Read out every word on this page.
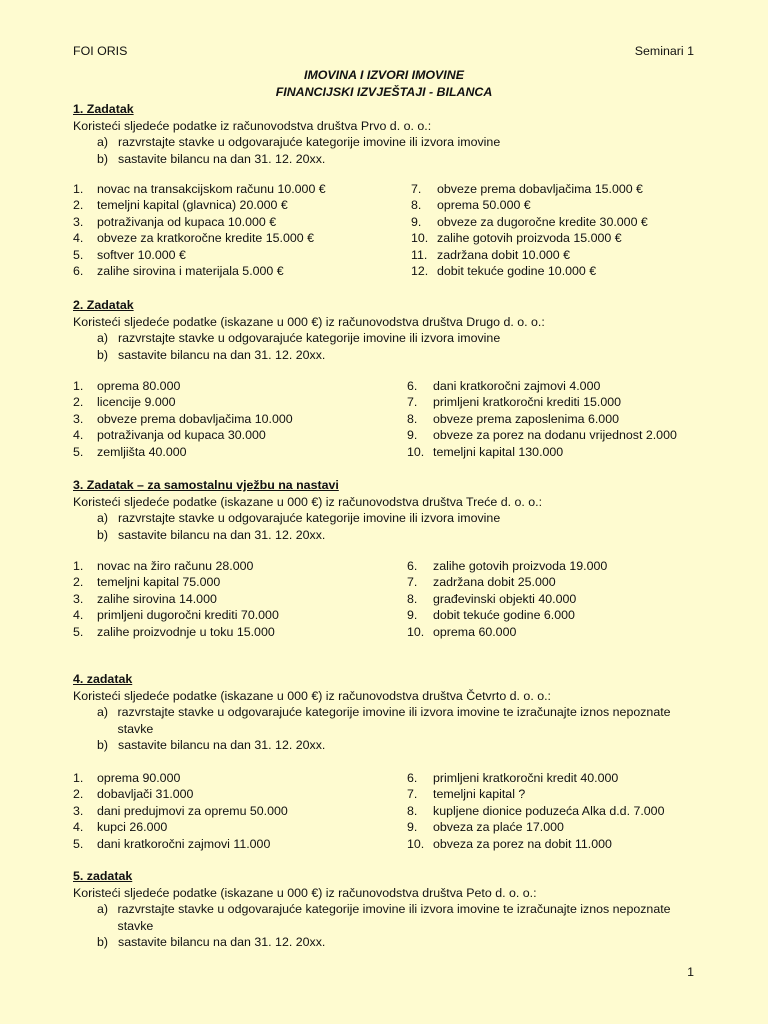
FOI ORIS	Seminari 1
IMOVINA I IZVORI IMOVINE
FINANCIJSKI IZVJEŠTAJI - BILANCA
1. Zadatak
Koristeći sljedeće podatke iz računovodstva društva Prvo d. o. o.:
a) razvrstajte stavke u odgovarajuće kategorije imovine ili izvora imovine
b) sastavite bilancu na dan 31. 12. 20xx.
1.	novac na transakcijskom računu 10.000 €
2.	temeljni kapital (glavnica) 20.000 €
3.	potraživanja od kupaca 10.000 €
4.	obveze za kratkoročne kredite 15.000 €
5.	softver 10.000 €
6.	zalihe sirovina i materijala 5.000 €
7.	obveze prema dobavljačima 15.000 €
8.	oprema 50.000 €
9.	obveze za dugoročne kredite 30.000 €
10. zalihe gotovih proizvoda 15.000 €
11. zadržana dobit 10.000 €
12. dobit tekuće godine 10.000 €
2. Zadatak
Koristeći sljedeće podatke (iskazane u 000 €) iz računovodstva društva Drugo d. o. o.:
a) razvrstajte stavke u odgovarajuće kategorije imovine ili izvora imovine
b) sastavite bilancu na dan 31. 12. 20xx.
1.	oprema 80.000
2.	licencije 9.000
3.	obveze prema dobavljačima 10.000
4.	potraživanja od kupaca 30.000
5.	zemljišta 40.000
6.	dani kratkoročni zajmovi 4.000
7.	primljeni kratkoročni krediti 15.000
8.	obveze prema zaposlenima 6.000
9.	obveze za porez na dodanu vrijednost 2.000
10. temeljni kapital 130.000
3. Zadatak – za samostalnu vježbu na nastavi
Koristeći sljedeće podatke (iskazane u 000 €) iz računovodstva društva Treće d. o. o.:
a) razvrstajte stavke u odgovarajuće kategorije imovine ili izvora imovine
b) sastavite bilancu na dan 31. 12. 20xx.
1.	novac na žiro računu 28.000
2.	temeljni kapital 75.000
3.	zalihe sirovina 14.000
4.	primljeni dugoročni krediti 70.000
5.	zalihe proizvodnje u toku 15.000
6.	zalihe gotovih proizvoda 19.000
7.	zadržana dobit 25.000
8.	građevinski objekti 40.000
9.	dobit tekuće godine 6.000
10. oprema 60.000
4. zadatak
Koristeći sljedeće podatke (iskazane u 000 €) iz računovodstva društva Četvrto d. o. o.:
a) razvrstajte stavke u odgovarajuće kategorije imovine ili izvora imovine te izračunajte iznos nepoznate stavke
b) sastavite bilancu na dan 31. 12. 20xx.
1.	oprema 90.000
2.	dobavljači 31.000
3.	dani predujmovi za opremu 50.000
4.	kupci 26.000
5.	dani kratkoročni zajmovi 11.000
6.	primljeni kratkoročni kredit 40.000
7.	temeljni kapital ?
8.	kupljene dionice poduzeća Alka d.d. 7.000
9.	obveza za plaće 17.000
10. obveza za porez na dobit 11.000
5. zadatak
Koristeći sljedeće podatke (iskazane u 000 €) iz računovodstva društva Peto d. o. o.:
a) razvrstajte stavke u odgovarajuće kategorije imovine ili izvora imovine te izračunajte iznos nepoznate stavke
b) sastavite bilancu na dan 31. 12. 20xx.
1
